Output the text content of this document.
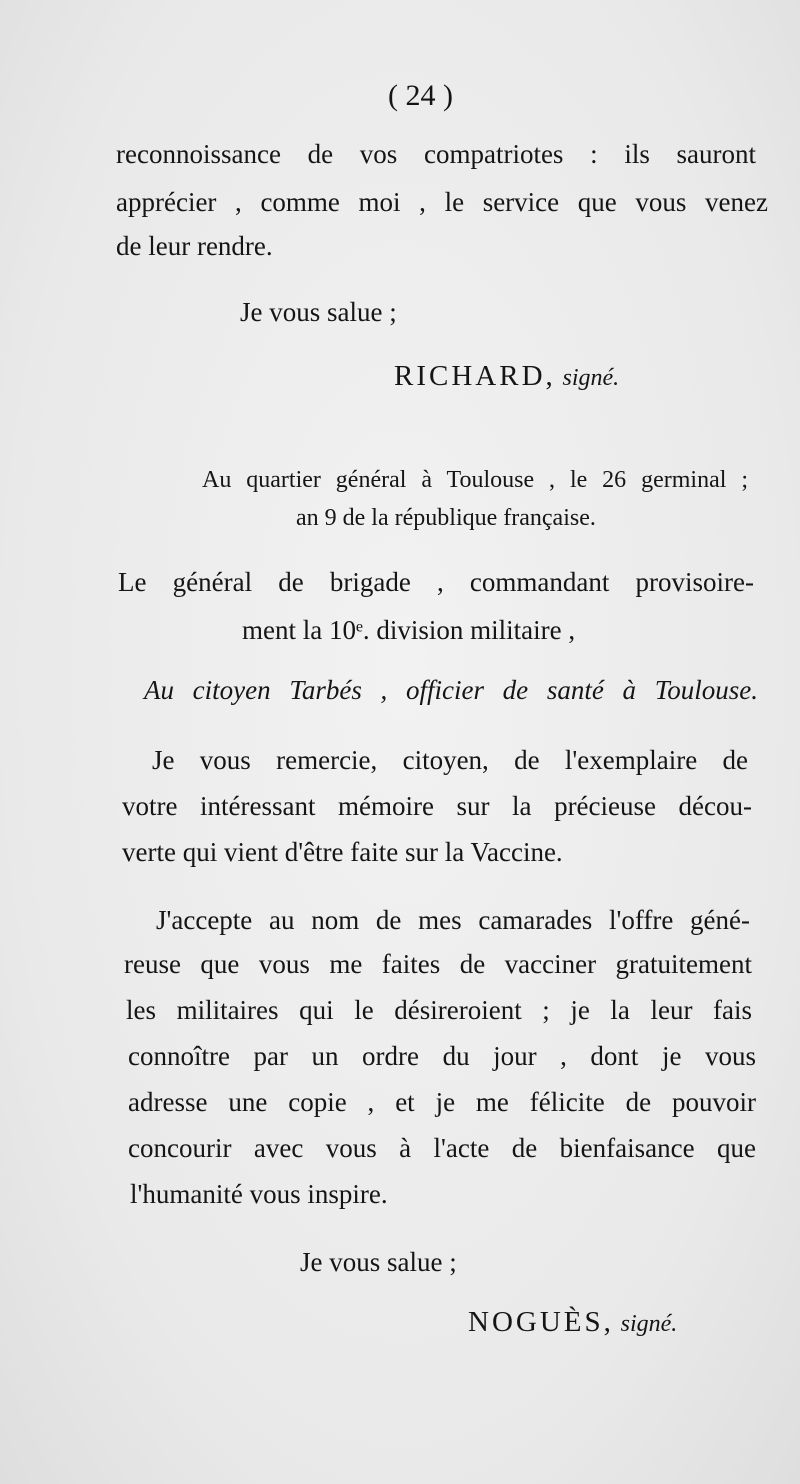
( 24 )
reconnoissance de vos compatriotes : ils sauront
apprécier , comme moi , le service que vous venez
de leur rendre.
Je vous salue ;
RICHARD, signé.
Au quartier général à Toulouse , le 26 germinal ;
an 9 de la république française.
Le général de brigade , commandant provisoire-
ment la 10ᵉ. division militaire ,
Au citoyen Tarbés , officier de santé à Toulouse.
Je vous remercie, citoyen, de l'exemplaire de
votre intéressant mémoire sur la précieuse décou-
verte qui vient d'être faite sur la Vaccine.
J'accepte au nom de mes camarades l'offre géné-
reuse que vous me faites de vacciner gratuitement
les militaires qui le désireroient ; je la leur fais
connoître par un ordre du jour , dont je vous
adresse une copie , et je me félicite de pouvoir
concourir avec vous à l'acte de bienfaisance que
l'humanité vous inspire.
Je vous salue ;
NOGUÈS, signé.
